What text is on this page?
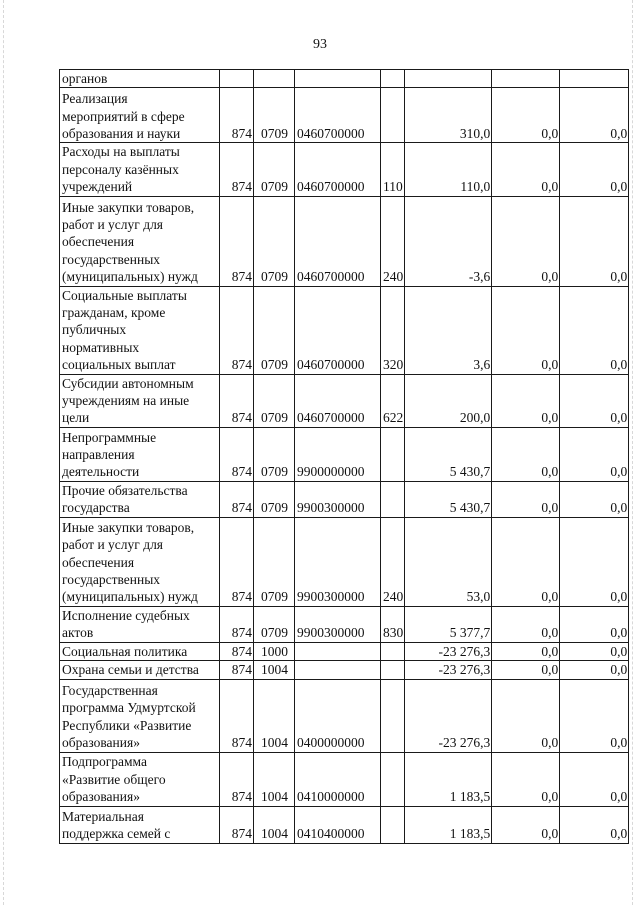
93
органов							

Реализация
мероприятий в сфере
образования и науки	874	0709	0460700000		310,0	0,0	0,0

Расходы на выплаты
персоналу казённых
учреждений	874	0709	0460700000	110	110,0	0,0	0,0

Иные закупки товаров,
работ и услуг для
обеспечения
государственных
(муниципальных) нужд	874	0709	0460700000	240	-3,6	0,0	0,0

Социальные выплаты
гражданам, кроме
публичных
нормативных
социальных выплат	874	0709	0460700000	320	3,6	0,0	0,0

Субсидии автономным
учреждениям на иные
цели	874	0709	0460700000	622	200,0	0,0	0,0

Непрограммные
направления
деятельности	874	0709	9900000000		5 430,7	0,0	0,0

Прочие обязательства
государства	874	0709	9900300000		5 430,7	0,0	0,0

Иные закупки товаров,
работ и услуг для
обеспечения
государственных
(муниципальных) нужд	874	0709	9900300000	240	53,0	0,0	0,0

Исполнение судебных
актов	874	0709	9900300000	830	5 377,7	0,0	0,0

Социальная политика	874	1000			-23 276,3	0,0	0,0

Охрана семьи и детства	874	1004			-23 276,3	0,0	0,0

Государственная
программа Удмуртской
Республики «Развитие
образования»	874	1004	0400000000		-23 276,3	0,0	0,0

Подпрограмма
«Развитие общего
образования»	874	1004	0410000000		1 183,5	0,0	0,0

Материальная
поддержка семей с	874	1004	0410400000		1 183,5	0,0	0,0
